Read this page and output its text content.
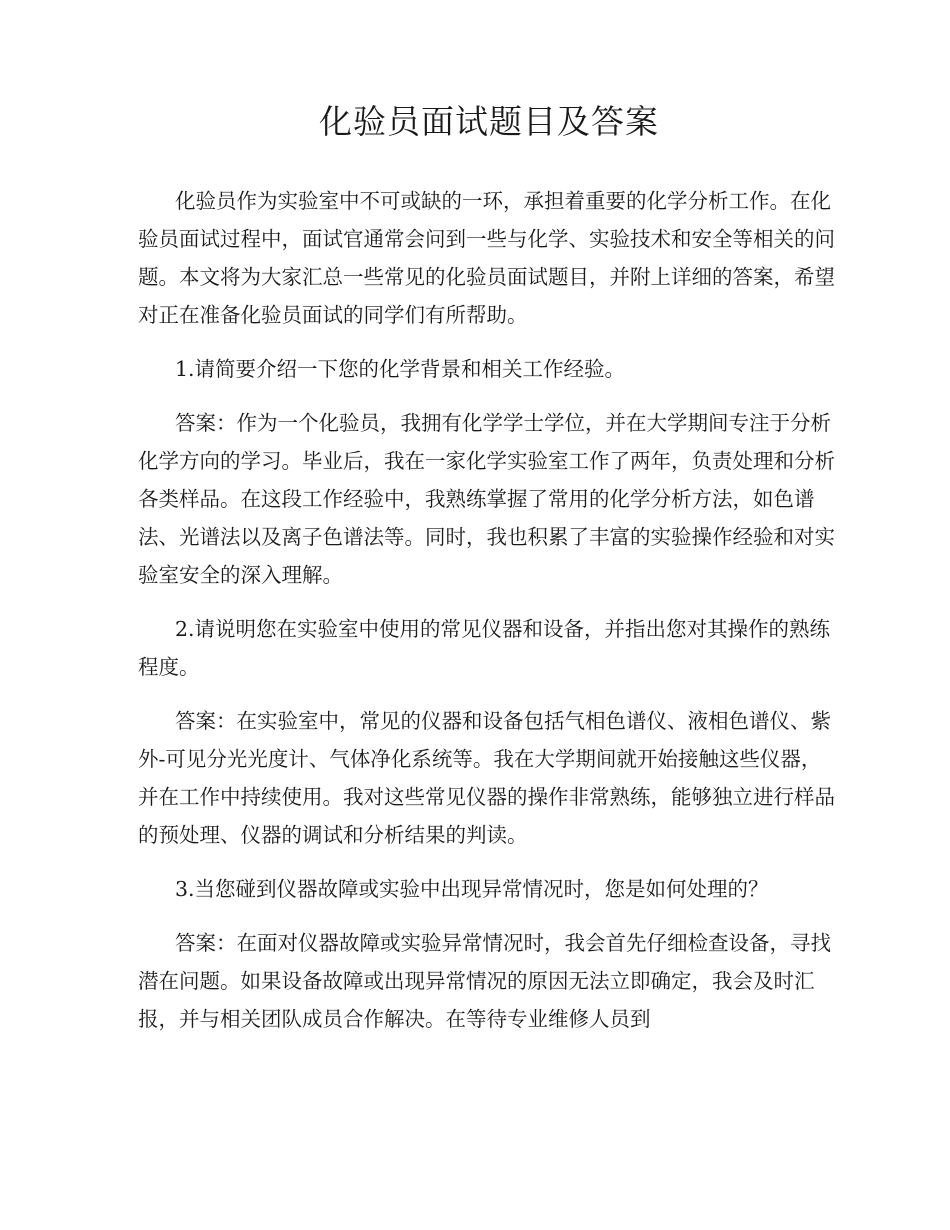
化验员面试题目及答案

化验员作为实验室中不可或缺的一环，承担着重要的化学分析工作。在化验员面试过程中，面试官通常会问到一些与化学、实验技术和安全等相关的问题。本文将为大家汇总一些常见的化验员面试题目，并附上详细的答案，希望对正在准备化验员面试的同学们有所帮助。

1.请简要介绍一下您的化学背景和相关工作经验。

答案：作为一个化验员，我拥有化学学士学位，并在大学期间专注于分析化学方向的学习。毕业后，我在一家化学实验室工作了两年，负责处理和分析各类样品。在这段工作经验中，我熟练掌握了常用的化学分析方法，如色谱法、光谱法以及离子色谱法等。同时，我也积累了丰富的实验操作经验和对实验室安全的深入理解。

2.请说明您在实验室中使用的常见仪器和设备，并指出您对其操作的熟练程度。

答案：在实验室中，常见的仪器和设备包括气相色谱仪、液相色谱仪、紫外-可见分光光度计、气体净化系统等。我在大学期间就开始接触这些仪器，并在工作中持续使用。我对这些常见仪器的操作非常熟练，能够独立进行样品的预处理、仪器的调试和分析结果的判读。

3.当您碰到仪器故障或实验中出现异常情况时，您是如何处理的？

答案：在面对仪器故障或实验异常情况时，我会首先仔细检查设备，寻找潜在问题。如果设备故障或出现异常情况的原因无法立即确定，我会及时汇报，并与相关团队成员合作解决。在等待专业维修人员到
